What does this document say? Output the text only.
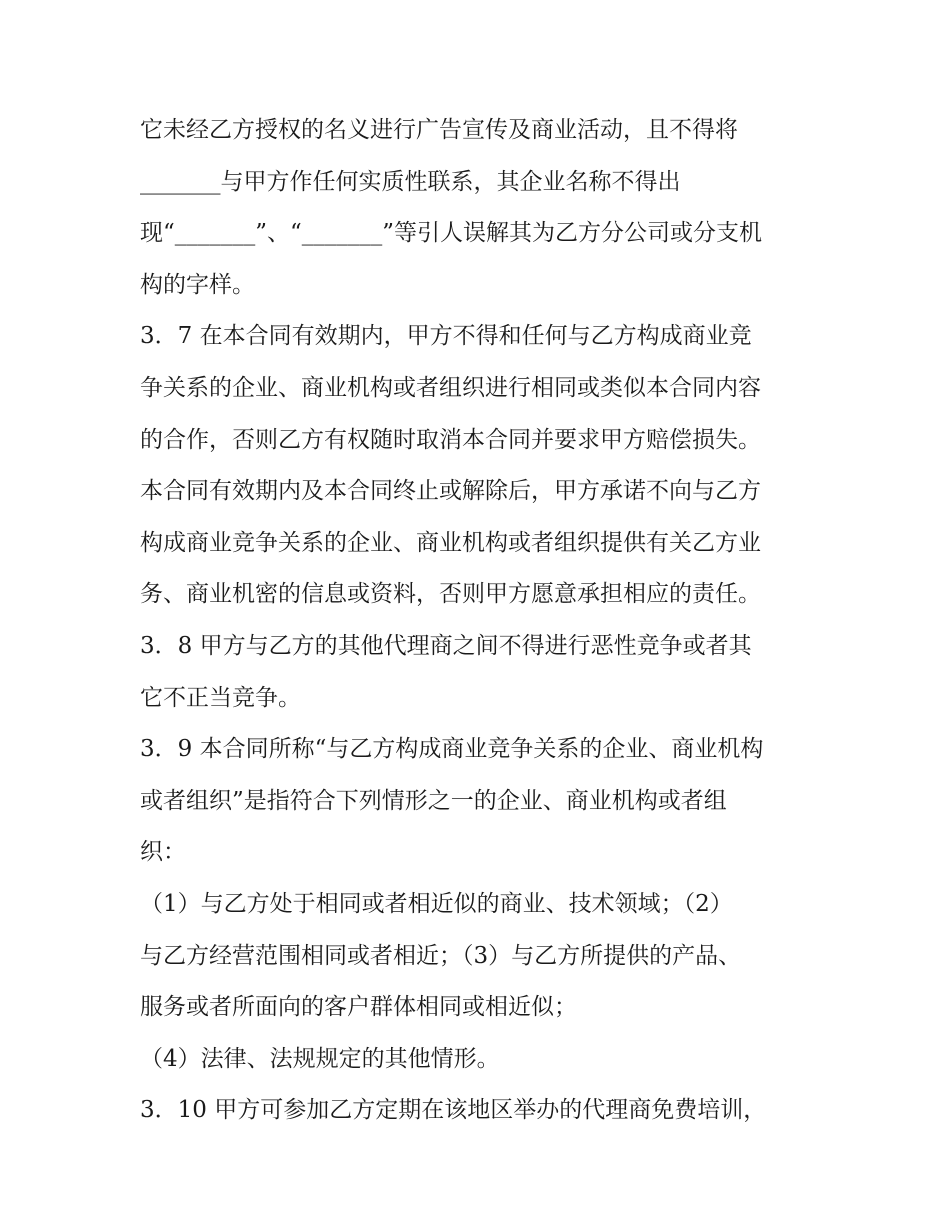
它未经乙方授权的名义进行广告宣传及商业活动，且不得将
_______与甲方作任何实质性联系，其企业名称不得出
现“_______”、“_______”等引人误解其为乙方分公司或分支机
构的字样。
3．7 在本合同有效期内，甲方不得和任何与乙方构成商业竞
争关系的企业、商业机构或者组织进行相同或类似本合同内容
的合作，否则乙方有权随时取消本合同并要求甲方赔偿损失。
本合同有效期内及本合同终止或解除后，甲方承诺不向与乙方
构成商业竞争关系的企业、商业机构或者组织提供有关乙方业
务、商业机密的信息或资料，否则甲方愿意承担相应的责任。
3．8 甲方与乙方的其他代理商之间不得进行恶性竞争或者其
它不正当竞争。
3．9 本合同所称“与乙方构成商业竞争关系的企业、商业机构
或者组织”是指符合下列情形之一的企业、商业机构或者组
织：
（1）与乙方处于相同或者相近似的商业、技术领域；（2）
与乙方经营范围相同或者相近；（3）与乙方所提供的产品、
服务或者所面向的客户群体相同或相近似；
（4）法律、法规规定的其他情形。
3．10 甲方可参加乙方定期在该地区举办的代理商免费培训，
